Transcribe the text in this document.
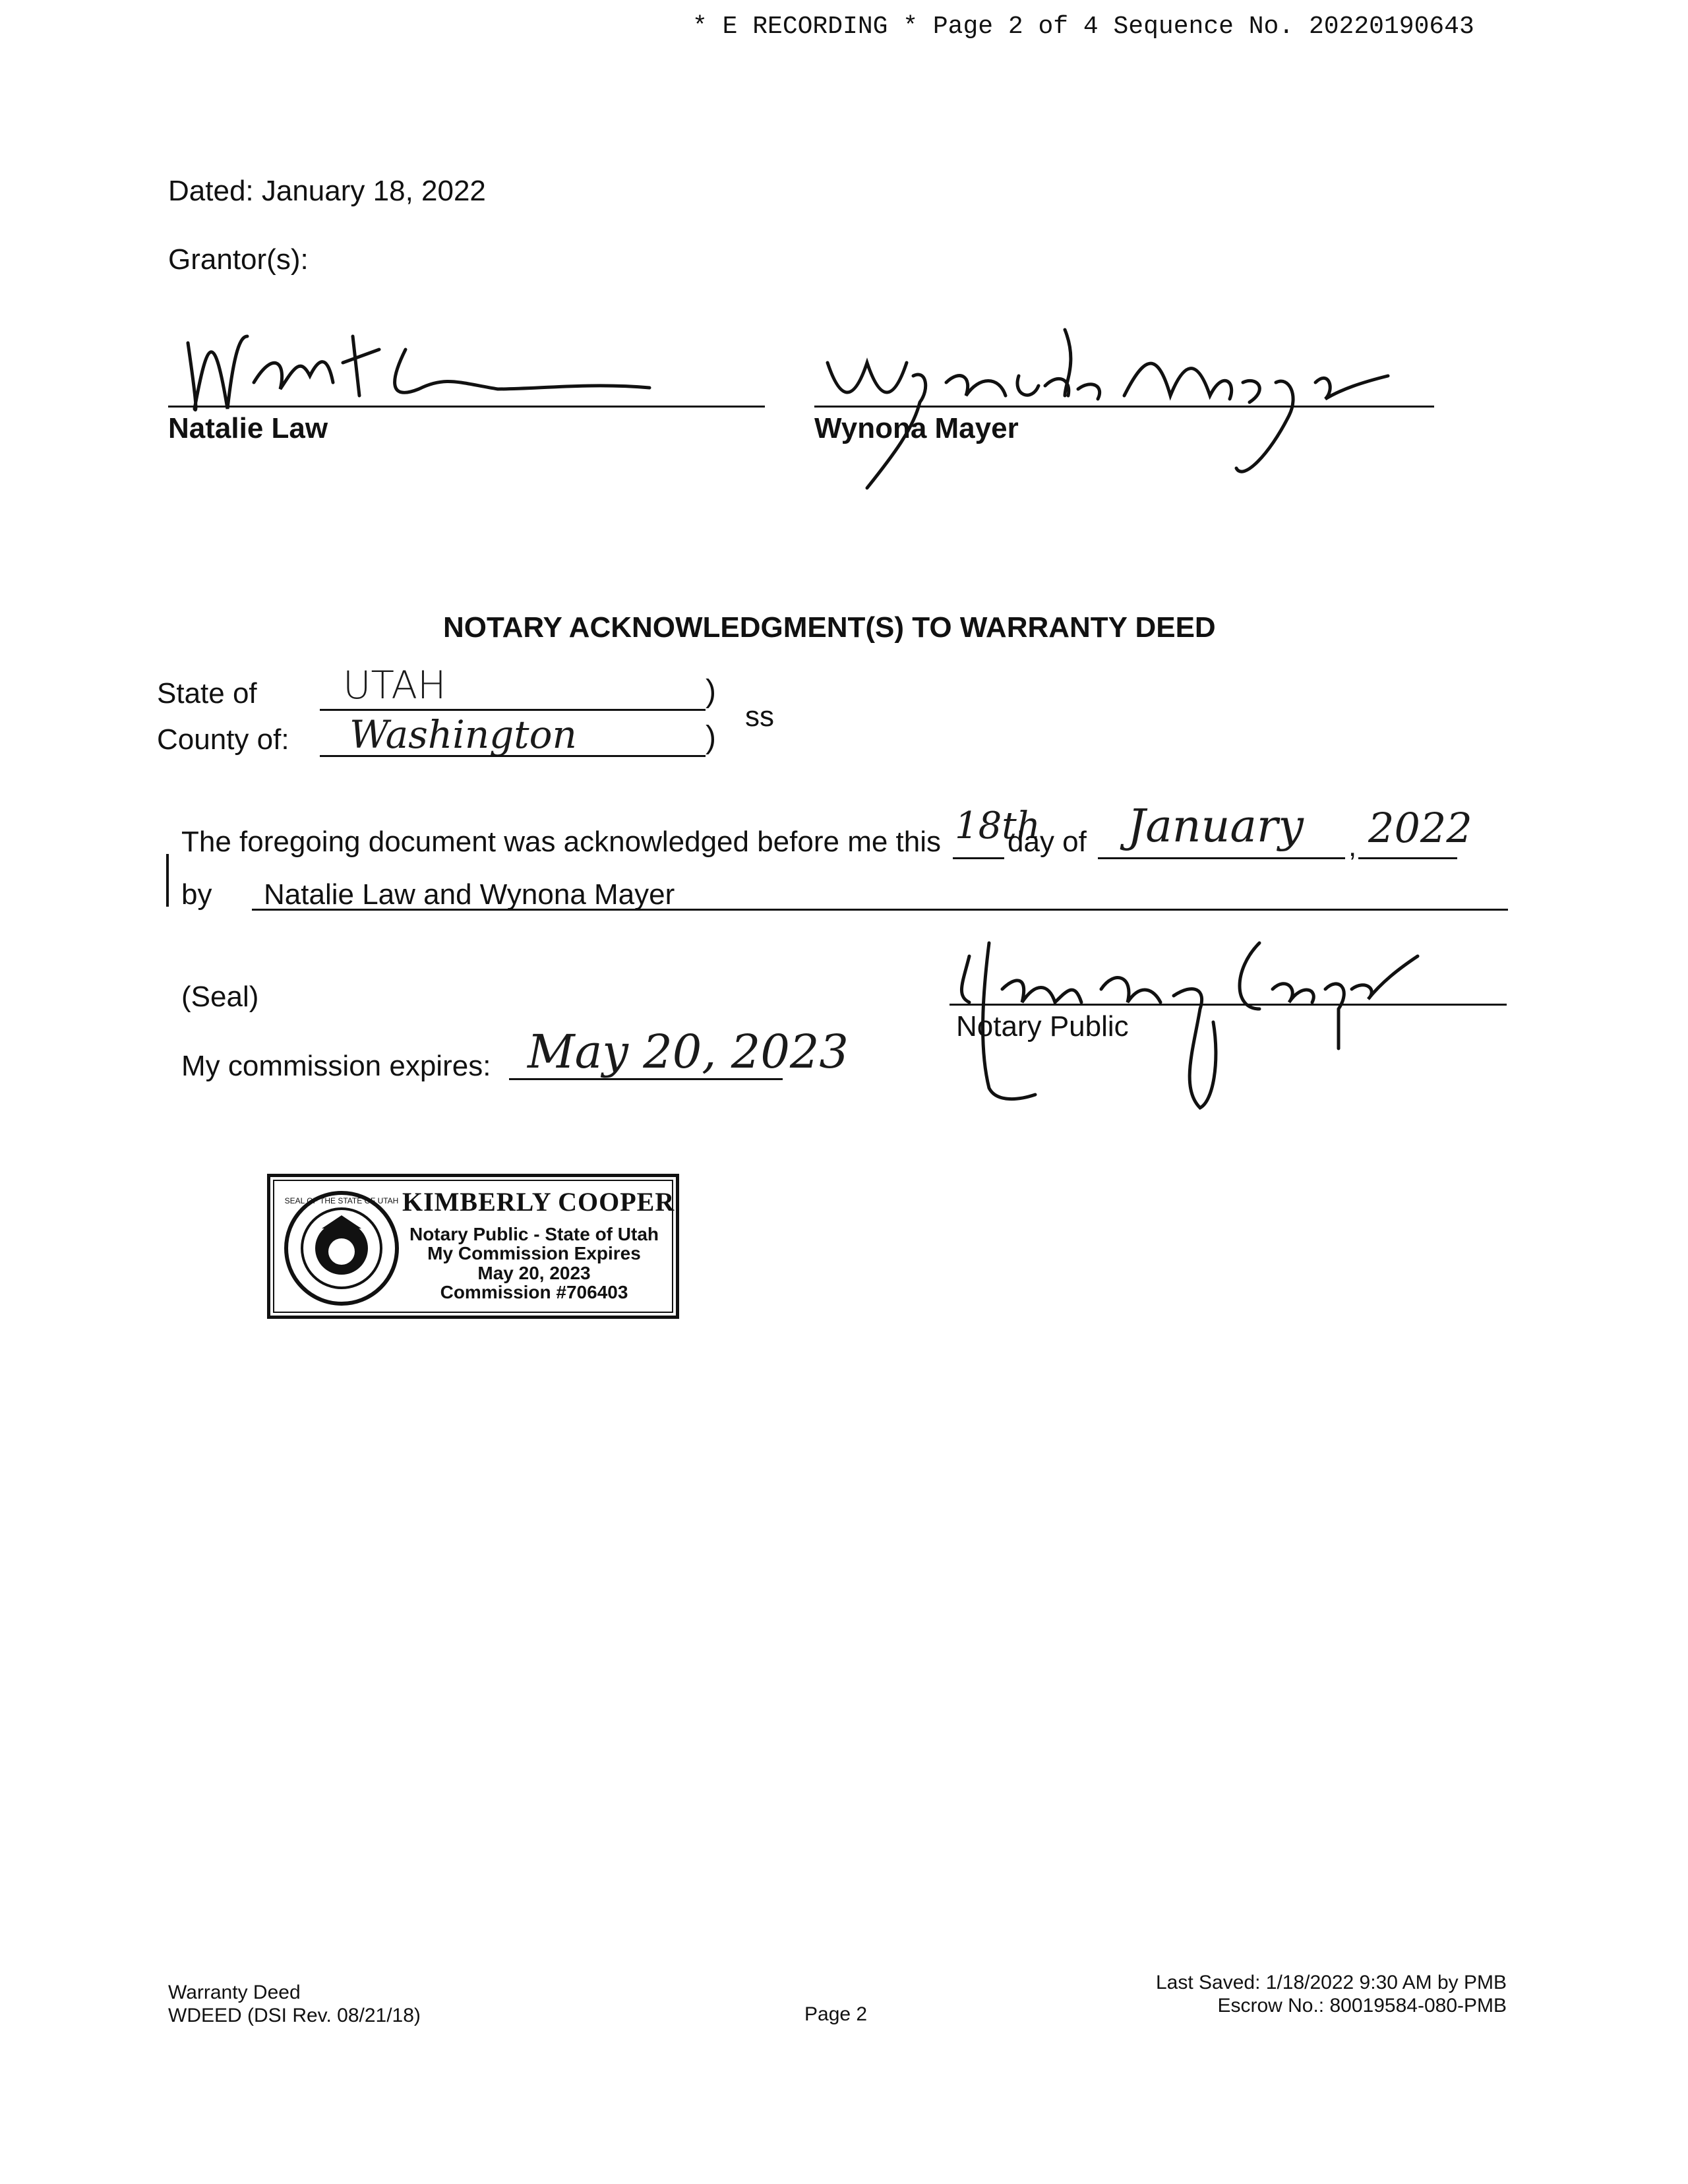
* E RECORDING * Page 2 of 4 Sequence No. 20220190643
Dated: January 18, 2022
Grantor(s):
Natalie Law	Wynona Mayer
NOTARY ACKNOWLEDGMENT(S) TO WARRANTY DEED
State of UTAH	)
County of: Washington	)
ss
The foregoing document was acknowledged before me this 18th
day of January , 2022
by Natalie Law and Wynona Mayer
(Seal)
My commission expires: May 20, 2023	Notary Public
SEAL OF THE STATE OF UTAH KIMBERLY COOPER
Notary Public - State of Utah
My Commission Expires
May 20, 2023
Commission #706403
Warranty Deed
WDEED (DSI Rev. 08/21/18)	Page 2
Last Saved: 1/18/2022 9:30 AM by PMB
Escrow No.: 80019584-080-PMB
